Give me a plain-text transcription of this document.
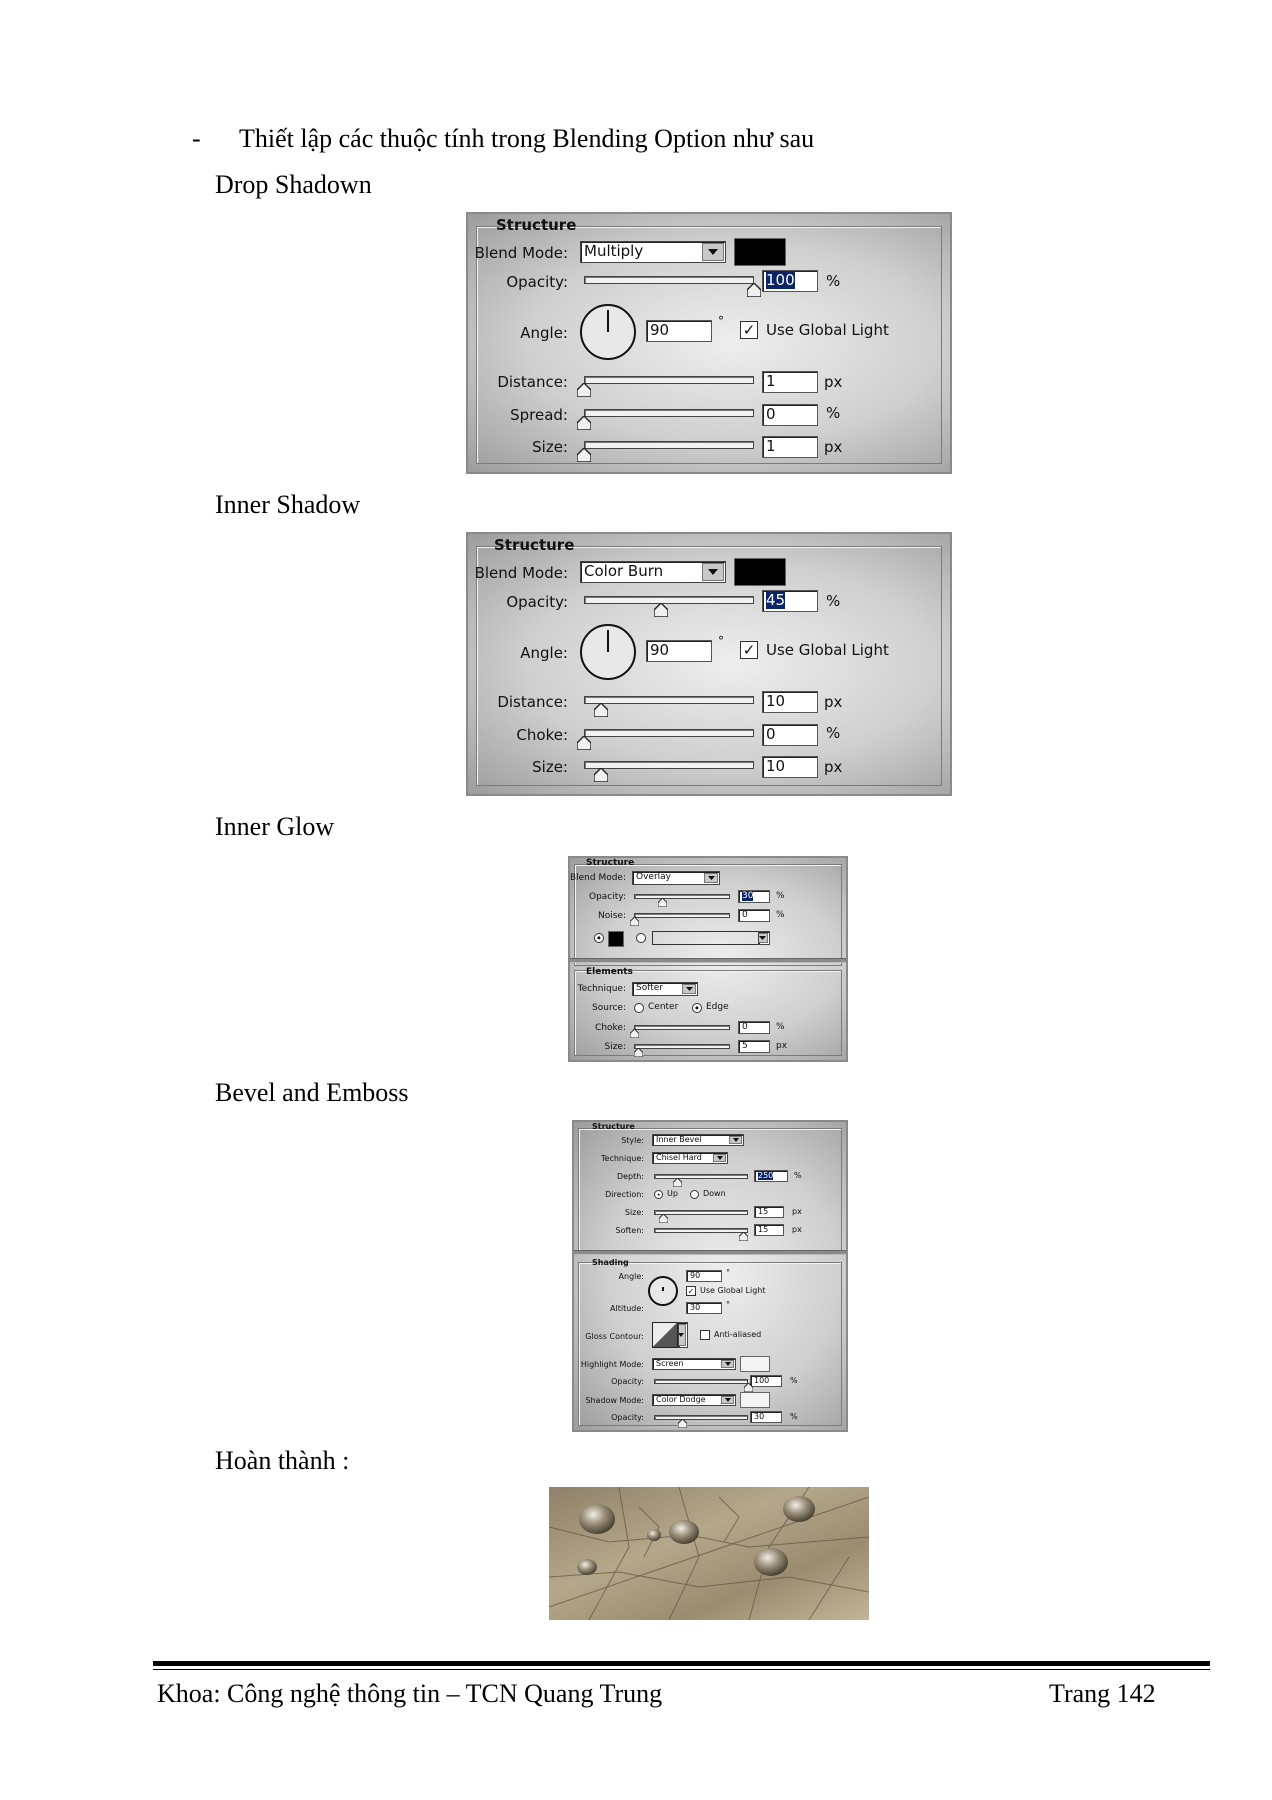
- Thiết lập các thuộc tính trong Blending Option như sau
Drop Shadown
Structure
Blend Mode: Multiply
Opacity:	100	%
Angle:	90	° ✓ Use Global Light
Distance:	1	px
Spread:	0	%
Size:	1	px
Inner Shadow
Structure
Blend Mode: Color Burn
Opacity:	45	%
Angle:	90	° ✓ Use Global Light
Distance:	10	px
Choke:	0	%
Size:	10	px
Inner Glow
Structure
Blend Mode:	Overlay
Opacity:	30	%
Noise:	0	%
Elements
Technique:	Softer
Source: Center	Edge
Choke:	0	%
Size:	5	px
Bevel and Emboss
Structure
Style:	Inner Bevel
Technique:	Chisel Hard
Depth:	250	%
Direction:	Up	Down
Size:	15	px
Soften:	15	px
Shading
Angle:	90	°
✓ Use Global Light
Altitude:	30	°
Gloss Contour:	Anti-aliased
Highlight Mode:	Screen
Opacity:	100	%
Shadow Mode:	Color Dodge
Opacity:	30	%
Hoàn thành :
Khoa: Công nghệ thông tin – TCN Quang Trung	Trang 142
